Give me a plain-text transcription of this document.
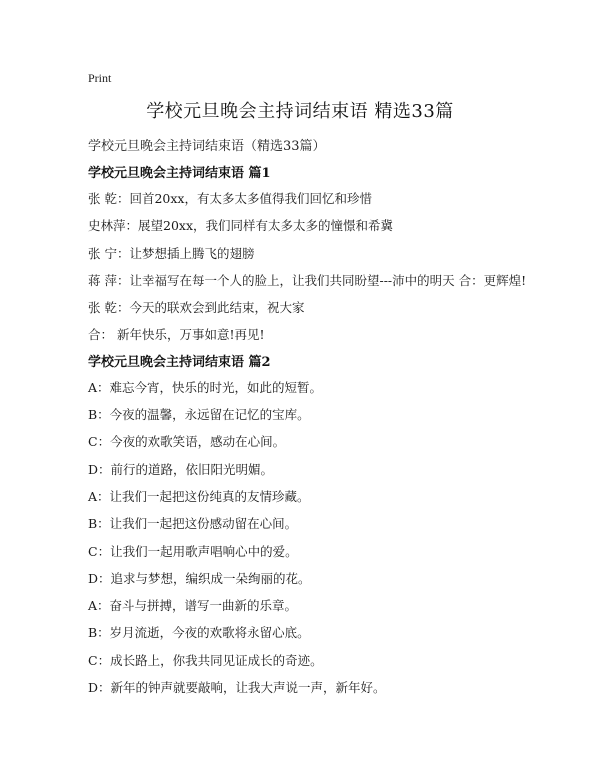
Print
学校元旦晚会主持词结束语 精选33篇
学校元旦晚会主持词结束语（精选33篇）
学校元旦晚会主持词结束语 篇1
张 乾：回首20xx，有太多太多值得我们回忆和珍惜
史林萍：展望20xx，我们同样有太多太多的憧憬和希冀
张 宁：让梦想插上腾飞的翅膀
蒋 萍：让幸福写在每一个人的脸上，让我们共同盼望---沛中的明天 合：更辉煌!
张 乾：今天的联欢会到此结束，祝大家
合： 新年快乐，万事如意!再见!
学校元旦晚会主持词结束语 篇2
A：难忘今宵，快乐的时光，如此的短暂。
B：今夜的温馨，永远留在记忆的宝库。
C：今夜的欢歌笑语，感动在心间。
D：前行的道路，依旧阳光明媚。
A：让我们一起把这份纯真的友情珍藏。
B：让我们一起把这份感动留在心间。
C：让我们一起用歌声唱响心中的爱。
D：追求与梦想，编织成一朵绚丽的花。
A：奋斗与拼搏，谱写一曲新的乐章。
B：岁月流逝，今夜的欢歌将永留心底。
C：成长路上，你我共同见证成长的奇迹。
D：新年的钟声就要敲响，让我大声说一声，新年好。
